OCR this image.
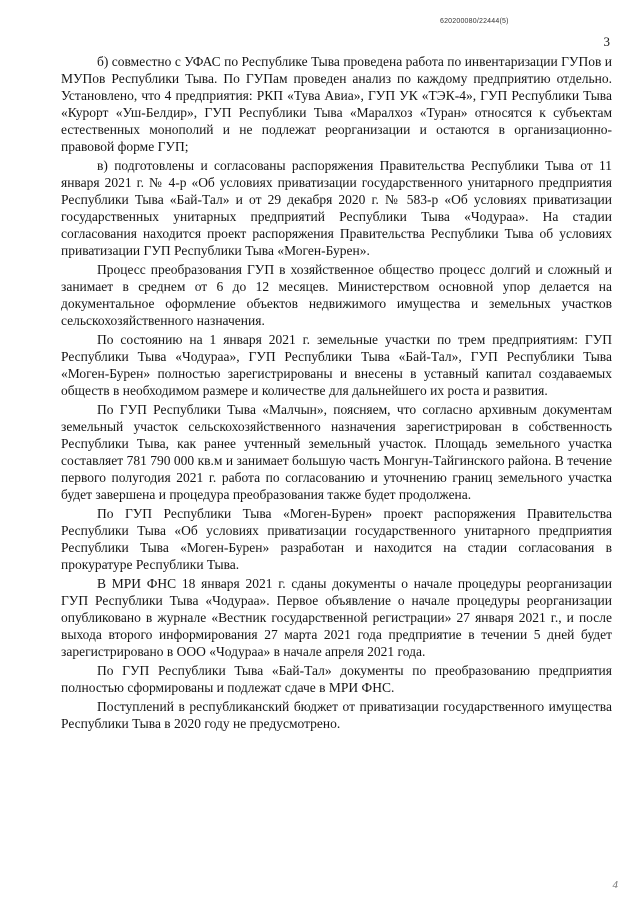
620200080/22444(5)
3

б) совместно с УФАС по Республике Тыва проведена работа по инвентаризации ГУПов и МУПов Республики Тыва. По ГУПам проведен анализ по каждому предприятию отдельно. Установлено, что 4 предприятия: РКП «Тува Авиа», ГУП УК «ТЭК-4», ГУП Республики Тыва «Курорт «Уш-Белдир», ГУП Республики Тыва «Маралхоз «Туран» относятся к субъектам естественных монополий и не подлежат реорганизации и остаются в организационно-правовой форме ГУП;

в) подготовлены и согласованы распоряжения Правительства Республики Тыва от 11 января 2021 г. № 4-р «Об условиях приватизации государственного унитарного предприятия Республики Тыва «Бай-Тал» и от 29 декабря 2020 г. № 583-р «Об условиях приватизации государственных унитарных предприятий Республики Тыва «Чодураа». На стадии согласования находится проект распоряжения Правительства Республики Тыва об условиях приватизации ГУП Республики Тыва «Моген-Бурен».

Процесс преобразования ГУП в хозяйственное общество процесс долгий и сложный и занимает в среднем от 6 до 12 месяцев. Министерством основной упор делается на документальное оформление объектов недвижимого имущества и земельных участков сельскохозяйственного назначения.

По состоянию на 1 января 2021 г. земельные участки по трем предприятиям: ГУП Республики Тыва «Чодураа», ГУП Республики Тыва «Бай-Тал», ГУП Республики Тыва «Моген-Бурен» полностью зарегистрированы и внесены в уставный капитал создаваемых обществ в необходимом размере и количестве для дальнейшего их роста и развития.

По ГУП Республики Тыва «Малчын», поясняем, что согласно архивным документам земельный участок сельскохозяйственного назначения зарегистрирован в собственность Республики Тыва, как ранее учтенный земельный участок. Площадь земельного участка составляет 781 790 000 кв.м и занимает большую часть Монгун-Тайгинского района. В течение первого полугодия 2021 г. работа по согласованию и уточнению границ земельного участка будет завершена и процедура преобразования также будет продолжена.

По ГУП Республики Тыва «Моген-Бурен» проект распоряжения Правительства Республики Тыва «Об условиях приватизации государственного унитарного предприятия Республики Тыва «Моген-Бурен» разработан и находится на стадии согласования в прокуратуре Республики Тыва.

В МРИ ФНС 18 января 2021 г. сданы документы о начале процедуры реорганизации ГУП Республики Тыва «Чодураа». Первое объявление о начале процедуры реорганизации опубликовано в журнале «Вестник государственной регистрации» 27 января 2021 г., и после выхода второго информирования 27 марта 2021 года предприятие в течении 5 дней будет зарегистрировано в ООО «Чодураа» в начале апреля 2021 года.

По ГУП Республики Тыва «Бай-Тал» документы по преобразованию предприятия полностью сформированы и подлежат сдаче в МРИ ФНС.

Поступлений в республиканский бюджет от приватизации государственного имущества Республики Тыва в 2020 году не предусмотрено.

4
